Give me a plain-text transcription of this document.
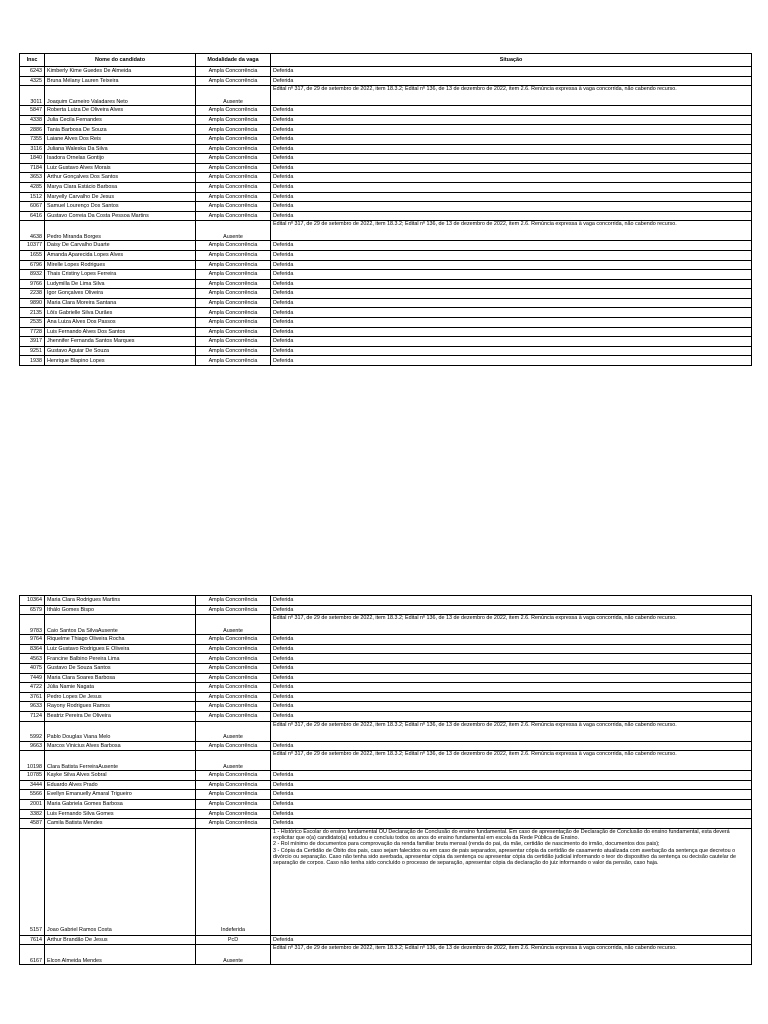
Insc	Nome do candidato	Modalidade da vaga	Situação
6243	Kimberly Kime Guedes De Almeida	Ampla Concorrência	Deferida
4325	Bruna Mélany Lauren Teixeira	Ampla Concorrência	Deferida
3011	Joaquim Carneiro Valadares Neto	Ausente	Edital nº 317, de 29 de setembro de 2022, item 18.3.2; Edital nº 136, de 13 de dezembro de 2022, item 2.6. Renúncia expressa à vaga concorrida, não cabendo recurso.
5847	Roberta Luiza De Oliveira Alves	Ampla Concorrência	Deferida
4338	Julia Cecila Fernandes	Ampla Concorrência	Deferida
2886	Tania Barbosa De Souza	Ampla Concorrência	Deferida
7355	Laiane Alves Dos Reis	Ampla Concorrência	Deferida
3116	Juliana Waleska Da Silva	Ampla Concorrência	Deferida
1840	Isadora Ornelas Gontijo	Ampla Concorrência	Deferida
7184	Luiz Gustavo Alves Morais	Ampla Concorrência	Deferida
3653	Arthur Gonçalves Dos Santos	Ampla Concorrência	Deferida
4285	Marya Clara Estácio Barbosa	Ampla Concorrência	Deferida
1512	Maryelly Carvalho De Jesus	Ampla Concorrência	Deferida
6067	Samuel Lourenço Dos Santos	Ampla Concorrência	Deferida
6416	Gustavo Correia Da Costa Pessoa Martins	Ampla Concorrência	Deferida
4638	Pedro Miranda Borges	Ausente	Edital nº 317, de 29 de setembro de 2022, item 18.3.2; Edital nº 136, de 13 de dezembro de 2022, item 2.6. Renúncia expressa à vaga concorrida, não cabendo recurso.
10377	Daisy De Carvalho Duarte	Ampla Concorrência	Deferida
1655	Amanda Aparecida Lopes Alves	Ampla Concorrência	Deferida
6796	Mirelle Lopes Rodrigues	Ampla Concorrência	Deferida
8932	Thais Cristiny Lopes Ferreira	Ampla Concorrência	Deferida
9766	Ludymilla De Lima Silva	Ampla Concorrência	Deferida
2238	Igor Gonçalves Oliveira	Ampla Concorrência	Deferida
9890	Maria Clara Moreira Santana	Ampla Concorrência	Deferida
2135	Lôís Gabrielle Silva Durães	Ampla Concorrência	Deferida
2535	Ana Luiza Alves Dos Passos	Ampla Concorrência	Deferida
7728	Luis Fernando Alves Dos Santos	Ampla Concorrência	Deferida
3917	Jhennifer Fernanda Santos Marques	Ampla Concorrência	Deferida
9251	Gustavo Aguiar De Souza	Ampla Concorrência	Deferida
1938	Henrique Blapino Lopes	Ampla Concorrência	Deferida
10364	Maria Clara Rodrigues Martins	Ampla Concorrência	Deferida
6579	Ithálo Gomes Bispo	Ampla Concorrência	Deferida
9783	Caio Santos Da SilvaAusente	Ausente	Edital nº 317, de 29 de setembro de 2022, item 18.3.2; Edital nº 136, de 13 de dezembro de 2022, item 2.6. Renúncia expressa à vaga concorrida, não cabendo recurso.
9764	Riquelme Thiago Oliveira Rocha	Ampla Concorrência	Deferida
8364	Luiz Gustavo Rodrigues E Oliveira	Ampla Concorrência	Deferida
4563	Francine Balbino Pereira Lima	Ampla Concorrência	Deferida
4075	Gustavo De Souza Santos	Ampla Concorrência	Deferida
7449	Maria Clara Soares Barbosa	Ampla Concorrência	Deferida
4722	Júlia Namie Nagata	Ampla Concorrência	Deferida
3761	Pedro Lopes De Jesus	Ampla Concorrência	Deferida
9633	Rayony Rodrigues Ramos	Ampla Concorrência	Deferida
7124	Beatriz Pereira De Oliveira	Ampla Concorrência	Deferida
5992	Pablo Douglas Viana Melo	Ausente	Edital nº 317, de 29 de setembro de 2022, item 18.3.2; Edital nº 136, de 13 de dezembro de 2022, item 2.6. Renúncia expressa à vaga concorrida, não cabendo recurso.
9663	Marcos Vinicius Alves Barbosa	Ampla Concorrência	Deferida
10198	Clara Batista FerreiraAusente	Ausente	Edital nº 317, de 29 de setembro de 2022, item 18.3.2; Edital nº 136, de 13 de dezembro de 2022, item 2.6. Renúncia expressa à vaga concorrida, não cabendo recurso.
10785	Kayke Silva Alves Sobral	Ampla Concorrência	Deferida
3444	Eduardo Alves Prado	Ampla Concorrência	Deferida
5566	Evellyn Emanuelly Amaral Trigueiro	Ampla Concorrência	Deferida
2001	Maria Gabriela Gomes Barbosa	Ampla Concorrência	Deferida
3382	Luis Fernando Silva Gomes	Ampla Concorrência	Deferida
4587	Camila Batista Mendes	Ampla Concorrência	Deferida
5157	Joao Gabriel Ramos Costa	Indeferida	1 - Histórico Escolar do ensino fundamental OU Declaração de Conclusão do ensino fundamental. Em caso de apresentação de Declaração de Conclusão do ensino fundamental, esta deverá explicitar que o(a) candidato(a) estudou e concluiu todos os anos do ensino fundamental em escola da Rede Pública de Ensino.
2 - Rol mínimo de documentos para comprovação da renda familiar bruta mensal (renda do pai, da mãe, certidão de nascimento do irmão, documentos dos pais);
3 - Cópia da Certidão de Óbito dos pais, caso sejam falecidos ou em caso de pais separados, apresentar cópia da certidão de casamento atualizada com averbação da sentença que decretou o divórcio ou separação. Caso não tenha sido averbada, apresentar cópia da sentença ou apresentar cópia da certidão judicial informando o teor do dispositivo da sentença ou decisão cautelar de separação de corpos. Caso não tenha sido concluído o processo de separação, apresentar cópia da declaração do juiz informando o valor da pensão, caso haja.
7614	Arthur Brandão De Jesus	PcD	Deferida
6167	Elcon Almeida Mendes	Ausente	Edital nº 317, de 29 de setembro de 2022, item 18.3.2; Edital nº 136, de 13 de dezembro de 2022, item 2.6. Renúncia expressa à vaga concorrida, não cabendo recurso.
